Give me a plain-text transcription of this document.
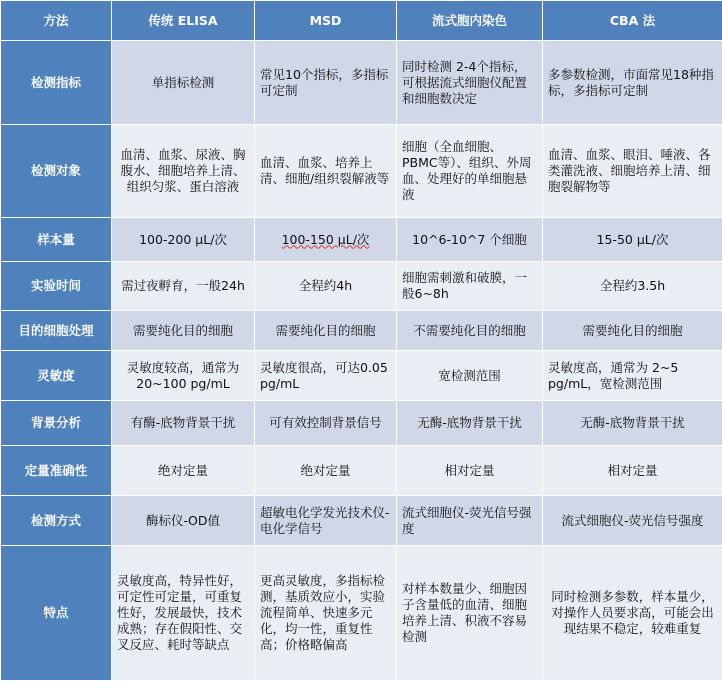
方法	传统 ELISA	MSD	流式胞内染色	CBA 法
检测指标	单指标检测	常见10个指标，多指标可定制	同时检测 2-4个指标，可根据流式细胞仪配置和细胞数决定	多参数检测，市面常见18种指标，多指标可定制
检测对象	血清、血浆、尿液、胸腹水、细胞培养上清、组织匀浆、蛋白溶液	血清、血浆、培养上清、细胞/组织裂解液等	细胞（全血细胞、PBMC等）、组织、外周血、处理好的单细胞悬液	血清、血浆、眼泪、唾液、各类灌洗液、细胞培养上清、细胞裂解物等
样本量	100-200 μL/次	100-150 μL/次	10^6-10^7 个细胞	15-50 μL/次
实验时间	需过夜孵育，一般24h	全程约4h	细胞需刺激和破膜，一般6~8h	全程约3.5h
目的细胞处理	需要纯化目的细胞	需要纯化目的细胞	不需要纯化目的细胞	需要纯化目的细胞
灵敏度	灵敏度较高，通常为20~100 pg/mL	灵敏度很高，可达0.05 pg/mL	宽检测范围	灵敏度高，通常为 2~5 pg/mL，宽检测范围
背景分析	有酶-底物背景干扰	可有效控制背景信号	无酶-底物背景干扰	无酶-底物背景干扰
定量准确性	绝对定量	绝对定量	相对定量	相对定量
检测方式	酶标仪-OD值	超敏电化学发光技术仪-电化学信号	流式细胞仪-荧光信号强度	流式细胞仪-荧光信号强度
特点	灵敏度高，特异性好，可定性可定量，可重复性好，发展最快，技术成熟；存在假阳性、交叉反应、耗时等缺点	更高灵敏度，多指标检测，基质效应小，实验流程简单、快速多元化，均一性，重复性高；价格略偏高	对样本数量少、细胞因子含量低的血清、细胞培养上清、积液不容易检测	同时检测多参数，样本量少，对操作人员要求高，可能会出现结果不稳定，较难重复
